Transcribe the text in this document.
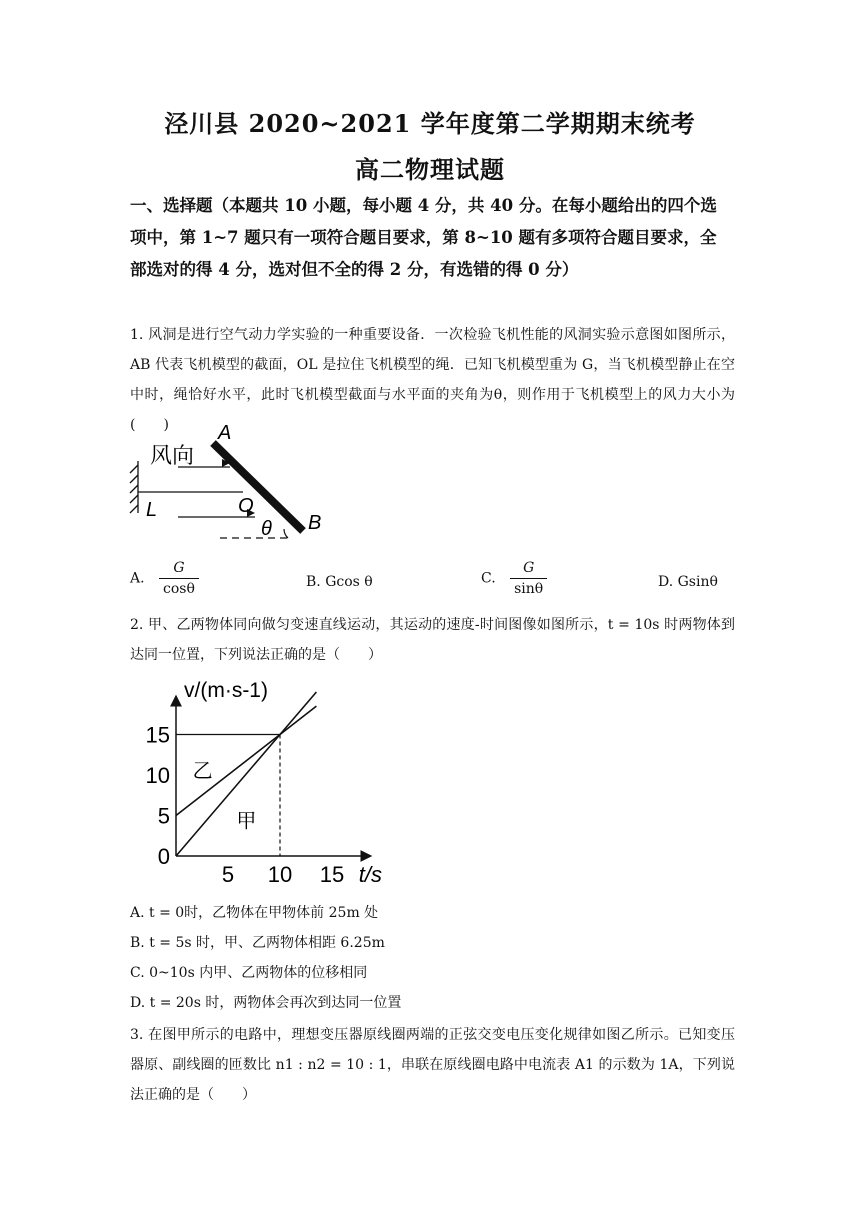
泾川县 2020~2021 学年度第二学期期末统考
高二物理试题
一、选择题（本题共 10 小题，每小题 4 分，共 40 分。在每小题给出的四个选项中，第 1~7 题只有一项符合题目要求，第 8~10 题有多项符合题目要求，全部选对的得 4 分，选对但不全的得 2 分，有选错的得 0 分）
1. 风洞是进行空气动力学实验的一种重要设备．一次检验飞机性能的风洞实验示意图如图所示，AB 代表飞机模型的截面，OL 是拉住飞机模型的绳．已知飞机模型重为 G，当飞机模型静止在空中时，绳恰好水平，此时飞机模型截面与水平面的夹角为θ，则作用于飞机模型上的风力大小为(　　)
风向
A
B
O
L
θ
A. $\frac{G}{\cos\theta}$	B. Gcos θ	C. $\frac{G}{\sin\theta}$	D. Gsinθ
2. 甲、乙两物体同向做匀变速直线运动，其运动的速度-时间图像如图所示，t = 10s 时两物体到达同一位置，下列说法正确的是（　　）
甲
乙
5 10 15
5
10
15
0
t/s
v/(m·s-1)
A. t = 0时，乙物体在甲物体前 25m 处
B. t = 5s 时，甲、乙两物体相距 6.25m
C. 0~10s 内甲、乙两物体的位移相同
D. t = 20s 时，两物体会再次到达同一位置
3. 在图甲所示的电路中，理想变压器原线圈两端的正弦交变电压变化规律如图乙所示。已知变压器原、副线圈的匝数比 n1 : n2 = 10 : 1，串联在原线圈电路中电流表 A1 的示数为 1A，下列说法正确的是（　　）
